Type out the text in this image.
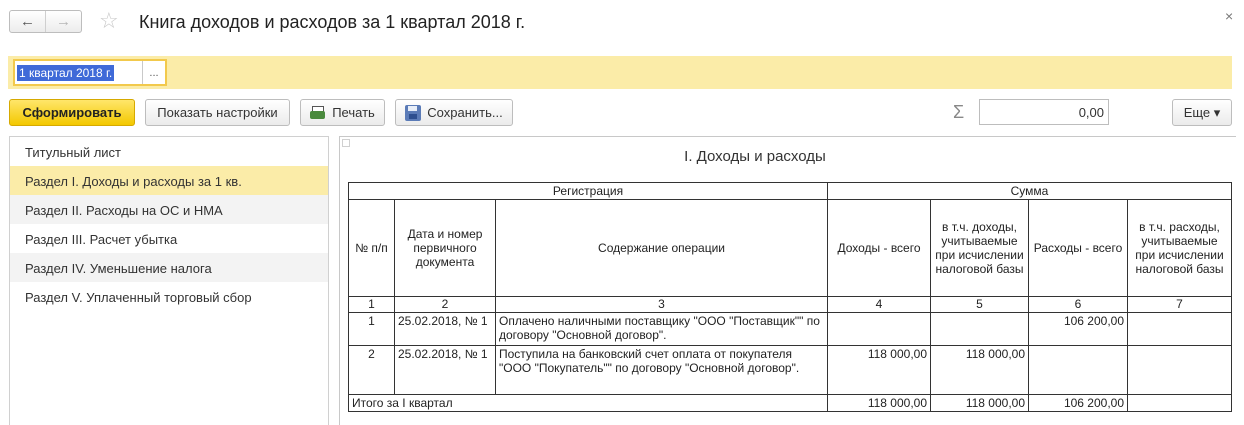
← → ☆ Книга доходов и расходов за 1 квартал 2018 г.	×
1 квартал 2018 г.	...
Сформировать	Показать настройки	Печать	Сохранить...	Σ	0,00	Еще ▾
Титульный лист
Раздел I. Доходы и расходы за 1 кв.
Раздел II. Расходы на ОС и НМА
Раздел III. Расчет убытка
Раздел IV. Уменьшение налога
Раздел V. Уплаченный торговый сбор
I. Доходы и расходы
Регистрация			Сумма			
№ п/п	Дата и номер первичного документа	Содержание операции	Доходы - всего	в т.ч. доходы, учитываемые при исчислении налоговой базы	Расходы - всего	в т.ч. расходы, учитываемые при исчислении налоговой базы
1	2	3	4	5	6	7
1	25.02.2018, № 1	Оплачено наличными поставщику "ООО "Поставщик"" по договору "Основной договор".			106 200,00	
2	25.02.2018, № 1	Поступила на банковский счет оплата от покупателя "ООО "Покупатель"" по договору "Основной договор".	118 000,00	118 000,00		
Итого за I квартал			118 000,00	118 000,00	106 200,00	
